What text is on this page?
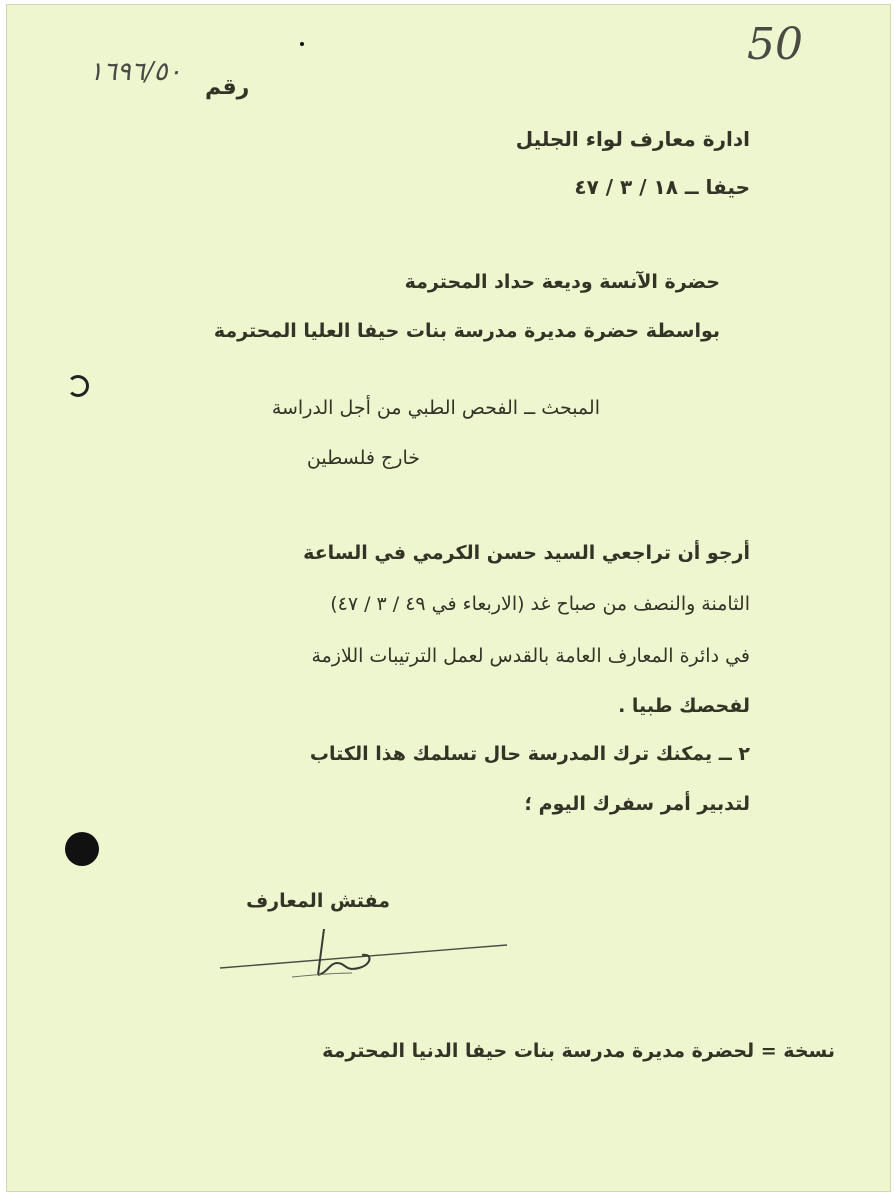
50
رقم
١٦٩٦/٥٠
ادارة معارف لواء الجليل
حيفا ــ ١٨ / ٣ / ٤٧
حضرة الآنسة وديعة حداد المحترمة
بواسطة حضرة مديرة مدرسة بنات حيفا العليا المحترمة
المبحث ــ الفحص الطبي من أجل الدراسة
خارج فلسطين
أرجو أن تراجعي السيد حسن الكرمي في الساعة
الثامنة والنصف من صباح غد (الاربعاء في ٤٩ / ٣ / ٤٧)
في دائرة المعارف العامة بالقدس لعمل الترتيبات اللازمة
لفحصك طبيا .
٢ ــ يمكنك ترك المدرسة حال تسلمك هذا الكتاب
لتدبير أمر سفرك اليوم ؛
مفتش المعارف
نسخة = لحضرة مديرة مدرسة بنات حيفا الدنيا المحترمة
